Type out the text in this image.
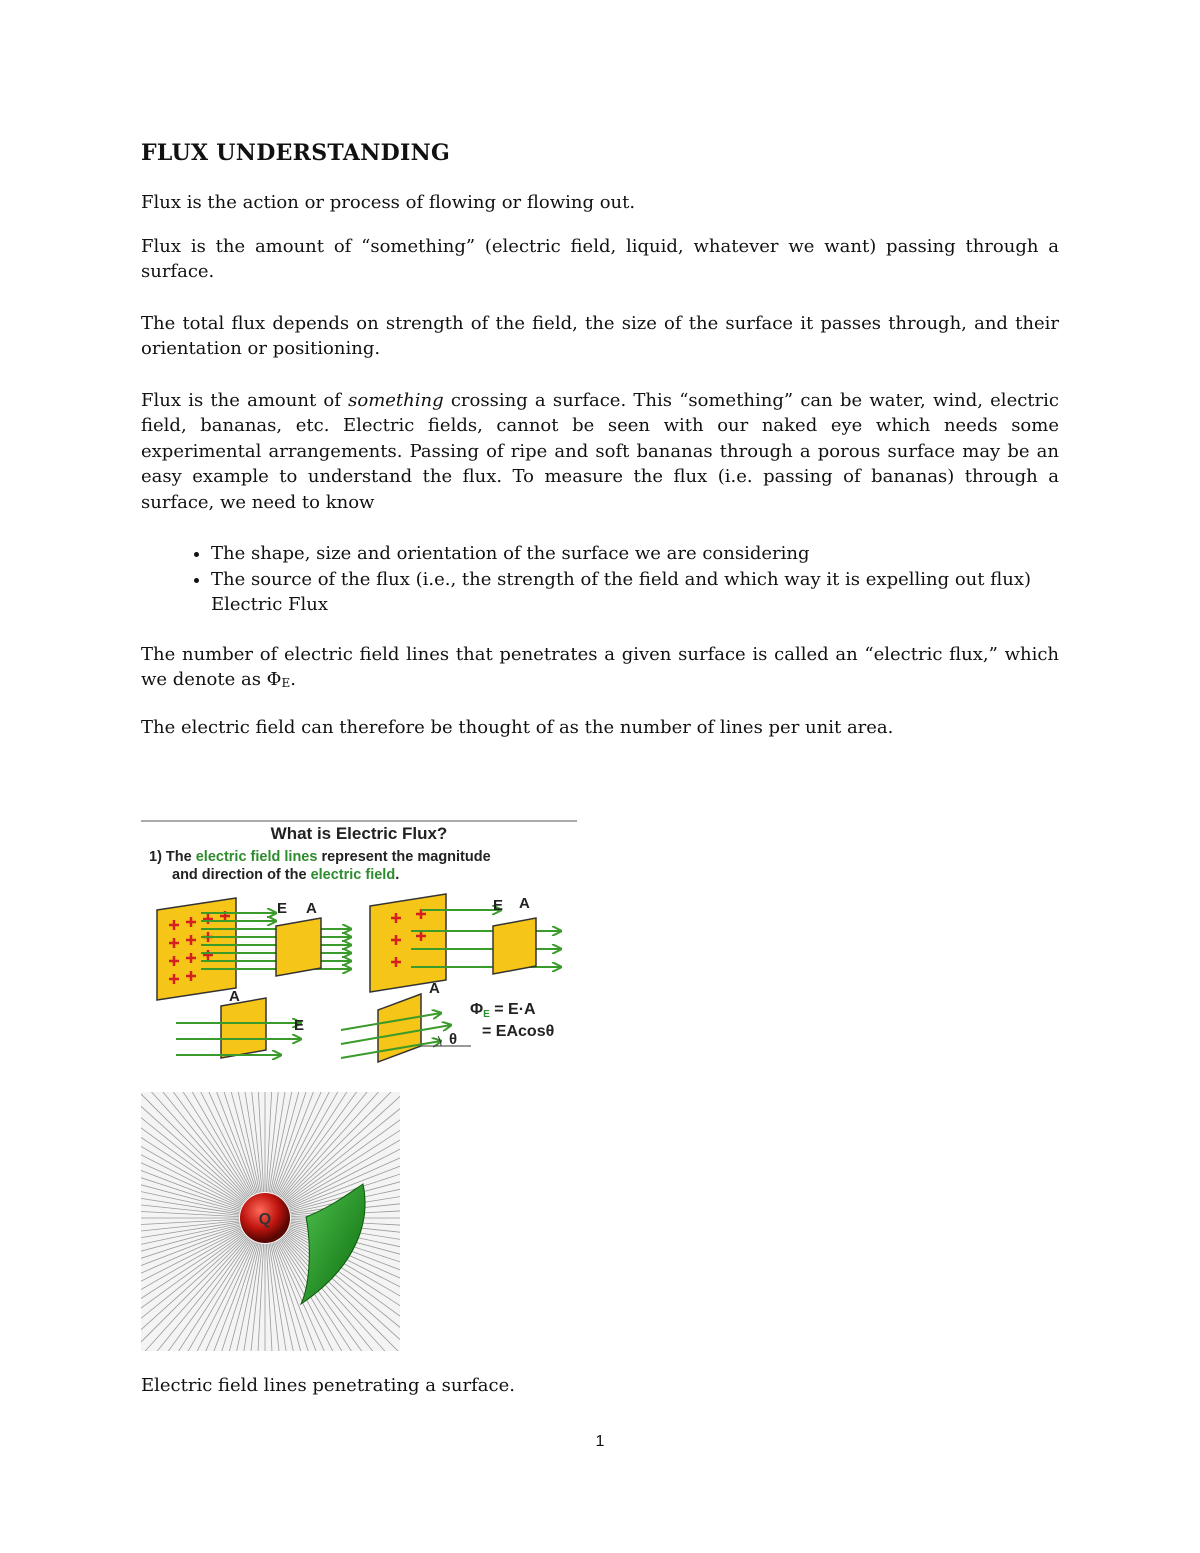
FLUX UNDERSTANDING

Flux is the action or process of flowing or flowing out.

Flux is the amount of “something” (electric field, liquid, whatever we want) passing through a surface.

The total flux depends on strength of the field, the size of the surface it passes through, and their orientation or positioning.

Flux is the amount of something crossing a surface. This “something” can be water, wind, electric field, bananas, etc. Electric fields, cannot be seen with our naked eye which needs some experimental arrangements. Passing of ripe and soft bananas through a porous surface may be an easy example to understand the flux. To measure the flux (i.e. passing of bananas) through a surface, we need to know

• The shape, size and orientation of the surface we are considering
• The source of the flux (i.e., the strength of the field and which way it is expelling out flux)
Electric Flux

The number of electric field lines that penetrates a given surface is called an “electric flux,” which we denote as ΦE.

The electric field can therefore be thought of as the number of lines per unit area.

What is Electric Flux?
1) The electric field lines represent the magnitude
and direction of the electric field.
E A	E A
A
E
A
θ
ΦE = E·A
= EAcosθ
Q
Electric field lines penetrating a surface.
1
